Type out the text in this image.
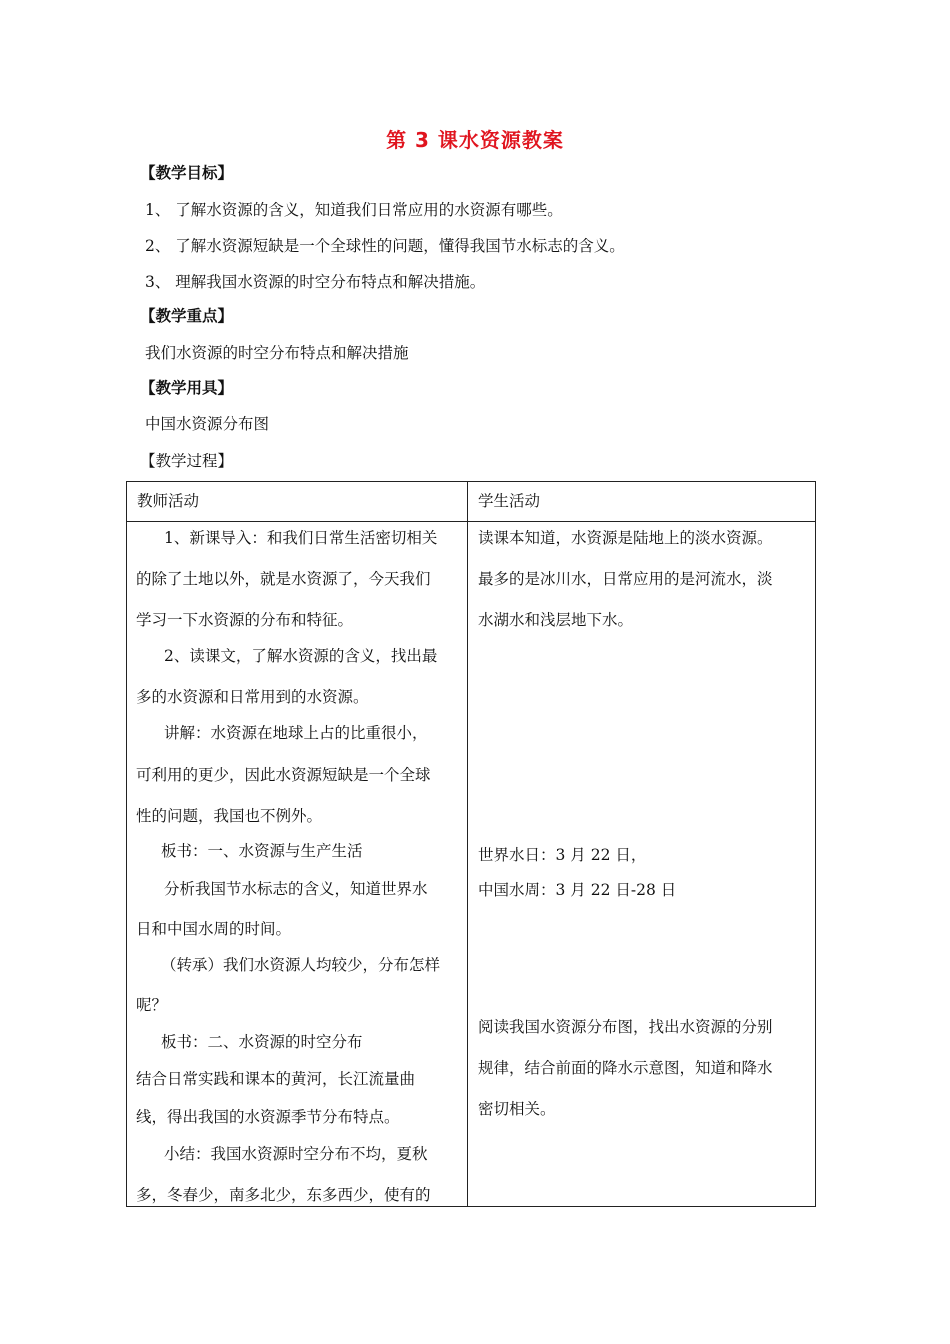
第 3 课水资源教案
【教学目标】
1、 了解水资源的含义，知道我们日常应用的水资源有哪些。
2、 了解水资源短缺是一个全球性的问题，懂得我国节水标志的含义。
3、 理解我国水资源的时空分布特点和解决措施。
【教学重点】
我们水资源的时空分布特点和解决措施
【教学用具】
中国水资源分布图
【教学过程】
教师活动	学生活动
1、新课导入：和我们日常生活密切相关
的除了土地以外，就是水资源了，今天我们
学习一下水资源的分布和特征。
2、读课文，了解水资源的含义，找出最
多的水资源和日常用到的水资源。
讲解：水资源在地球上占的比重很小，
可利用的更少，因此水资源短缺是一个全球
性的问题，我国也不例外。
板书：一、水资源与生产生活
分析我国节水标志的含义，知道世界水
日和中国水周的时间。
（转承）我们水资源人均较少，分布怎样
呢？
板书：二、水资源的时空分布
结合日常实践和课本的黄河，长江流量曲
线，得出我国的水资源季节分布特点。
小结：我国水资源时空分布不均，夏秋
多，冬春少，南多北少，东多西少，使有的
读课本知道，水资源是陆地上的淡水资源。
最多的是冰川水，日常应用的是河流水，淡
水湖水和浅层地下水。
世界水日：3 月 22 日，
中国水周：3 月 22 日-28 日
阅读我国水资源分布图，找出水资源的分别
规律，结合前面的降水示意图，知道和降水
密切相关。
